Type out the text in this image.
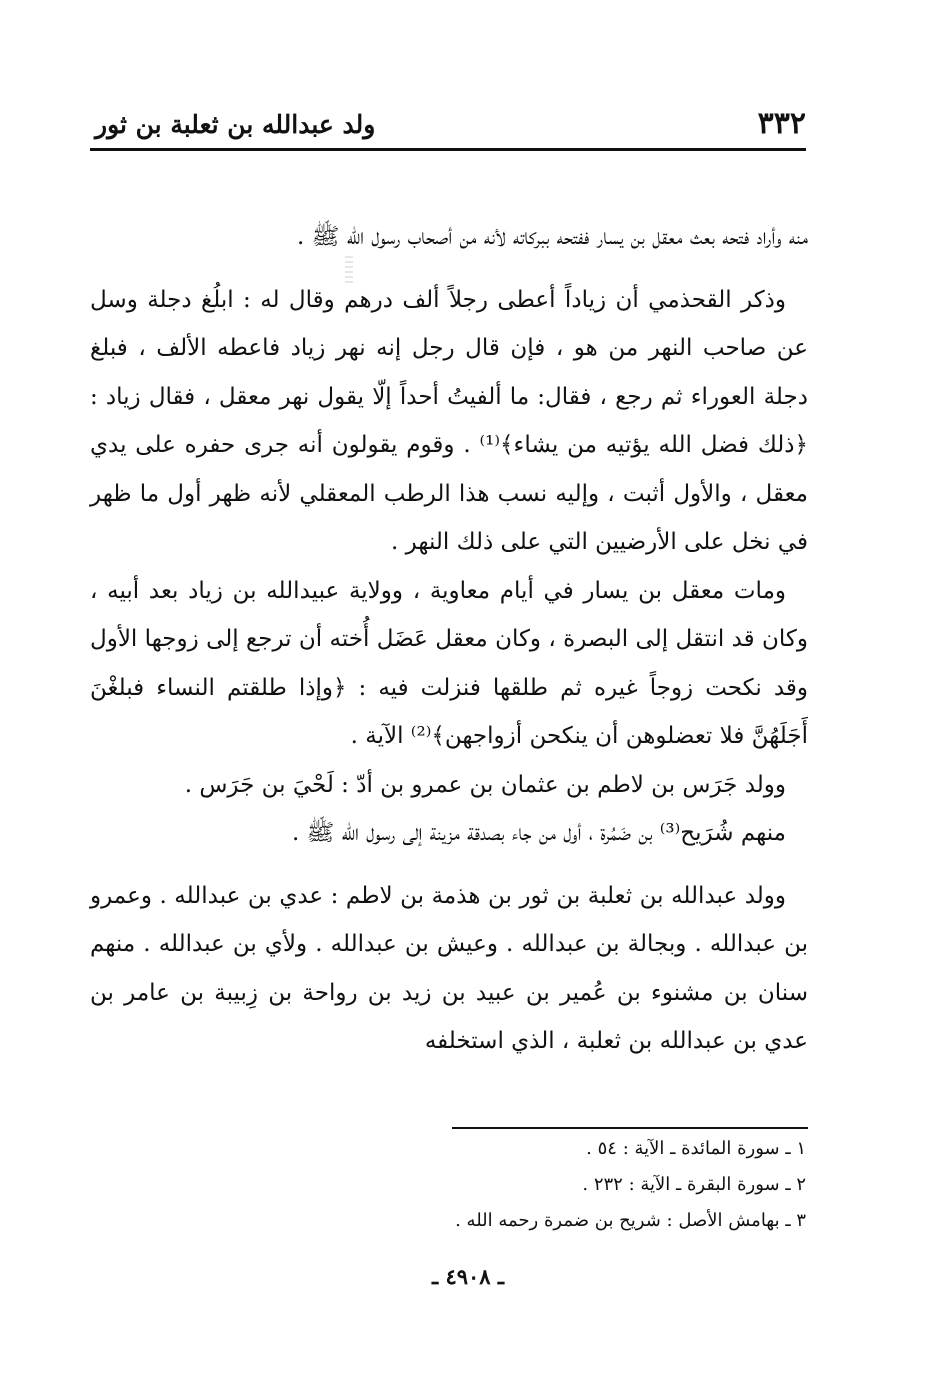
٣٣٢
ولد عبدالله بن ثعلبة بن ثور

منه وأراد فتحه بعث معقل بن يسار ففتحه ببركاته لأنه من أصحاب رسول الله ﷺ .

وذكر القحذمي أن زياداً أعطى رجلاً ألف درهم وقال له : ابلُغ دجلة وسل عن صاحب النهر من هو ، فإن قال رجل إنه نهر زياد فاعطه الألف ، فبلغ دجلة العوراء ثم رجع ، فقال: ما ألفيتُ أحداً إلّا يقول نهر معقل ، فقال زياد : ﴿ذلك فضل الله يؤتيه من يشاء﴾⁽¹⁾ . وقوم يقولون أنه جرى حفره على يدي معقل ، والأول أثبت ، وإليه نسب هذا الرطب المعقلي لأنه ظهر أول ما ظهر في نخل على الأرضيين التي على ذلك النهر .

ومات معقل بن يسار في أيام معاوية ، وولاية عبيدالله بن زياد بعد أبيه ، وكان قد انتقل إلى البصرة ، وكان معقل عَضَل أُخته أن ترجع إلى زوجها الأول وقد نكحت زوجاً غيره ثم طلقها فنزلت فيه : ﴿وإذا طلقتم النساء فبلغْنَ أَجَلَهُنَّ فلا تعضلوهن أن ينكحن أزواجهن﴾⁽²⁾ الآية .

وولد جَرَس بن لاطم بن عثمان بن عمرو بن أدّ : لَحْيَ بن جَرَس .

منهم شُرَيح⁽³⁾ بن ضَمُرة ، أول من جاء بصدقة مزينة إلى رسول الله ﷺ .

وولد عبدالله بن ثعلبة بن ثور بن هذمة بن لاطم : عدي بن عبدالله . وعمرو بن عبدالله . وبجالة بن عبدالله . وعيش بن عبدالله . ولأي بن عبدالله . منهم سنان بن مشنوء بن عُمير بن عبيد بن زيد بن رواحة بن زِبيبة بن عامر بن عدي بن عبدالله بن ثعلبة ، الذي استخلفه

١ ـ سورة المائدة ـ الآية : ٥٤ .

٢ ـ سورة البقرة ـ الآية : ٢٣٢ .

٣ ـ بهامش الأصل : شريح بن ضمرة رحمه الله .

ـ ٤٩٠٨ ـ
